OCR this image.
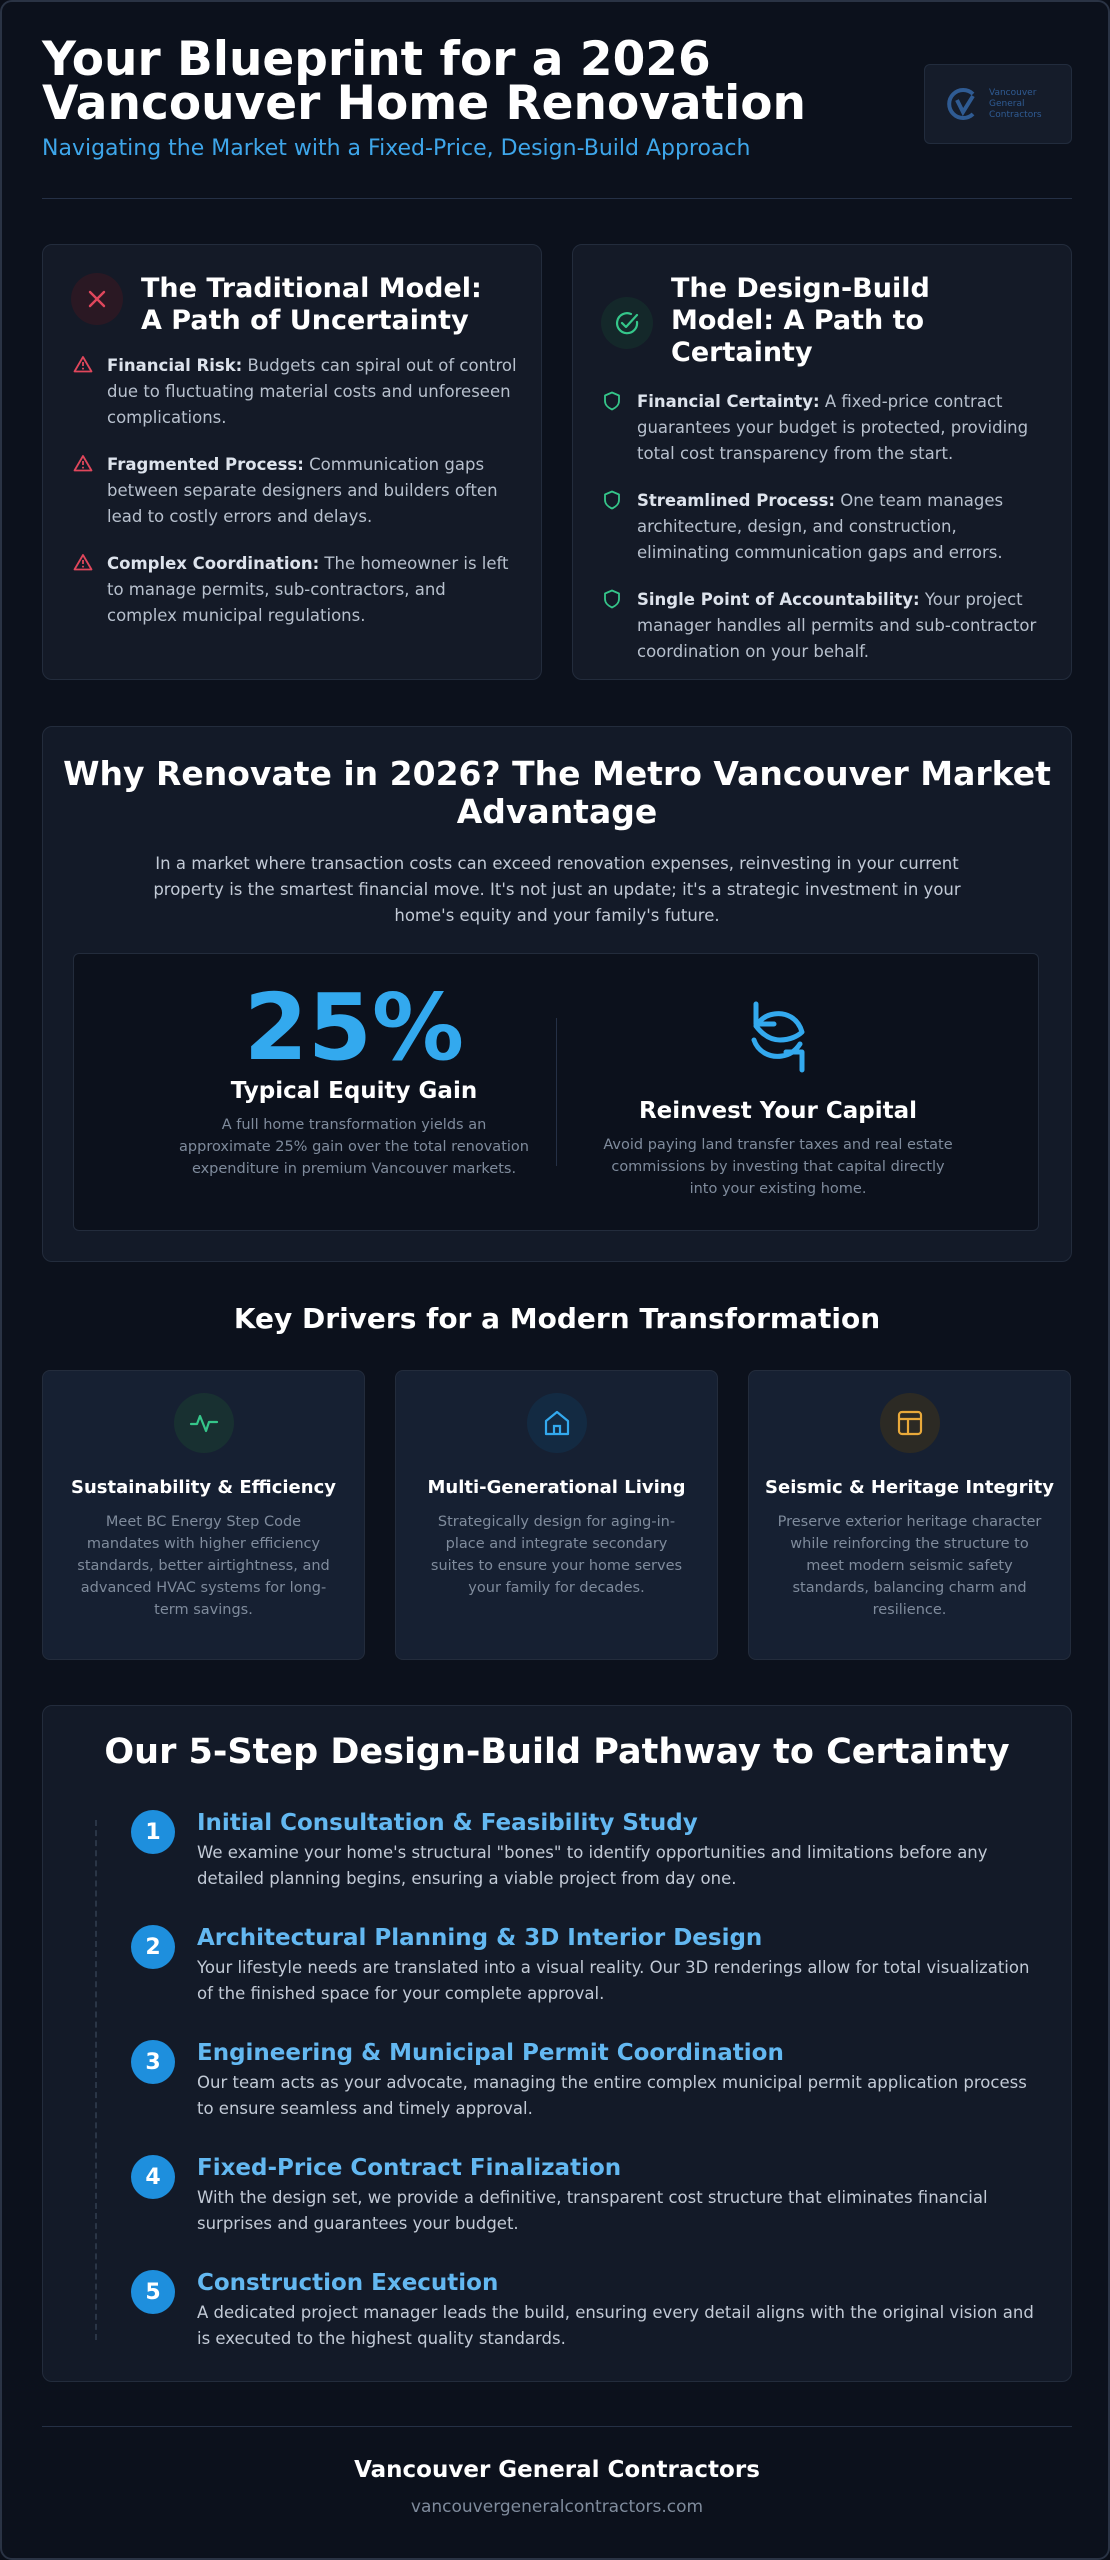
Your Blueprint for a 2026 Vancouver Home Renovation
Navigating the Market with a Fixed-Price, Design-Build Approach
Vancouver
General
Contractors
The Traditional Model: A Path of Uncertainty
Financial Risk: Budgets can spiral out of control due to fluctuating material costs and unforeseen complications.
Fragmented Process: Communication gaps between separate designers and builders often lead to costly errors and delays.
Complex Coordination: The homeowner is left to manage permits, sub-contractors, and complex municipal regulations.
The Design-Build Model: A Path to Certainty
Financial Certainty: A fixed-price contract guarantees your budget is protected, providing total cost transparency from the start.
Streamlined Process: One team manages architecture, design, and construction, eliminating communication gaps and errors.
Single Point of Accountability: Your project manager handles all permits and sub-contractor coordination on your behalf.
Why Renovate in 2026? The Metro Vancouver Market Advantage
In a market where transaction costs can exceed renovation expenses, reinvesting in your current property is the smartest financial move. It's not just an update; it's a strategic investment in your home's equity and your family's future.
25%
Typical Equity Gain
A full home transformation yields an approximate 25% gain over the total renovation expenditure in premium Vancouver markets.
Reinvest Your Capital
Avoid paying land transfer taxes and real estate commissions by investing that capital directly into your existing home.
Key Drivers for a Modern Transformation
Sustainability & Efficiency
Meet BC Energy Step Code mandates with higher efficiency standards, better airtightness, and advanced HVAC systems for long-term savings.
Multi-Generational Living
Strategically design for aging-in-place and integrate secondary suites to ensure your home serves your family for decades.
Seismic & Heritage Integrity
Preserve exterior heritage character while reinforcing the structure to meet modern seismic safety standards, balancing charm and resilience.
Our 5-Step Design-Build Pathway to Certainty
1	Initial Consultation & Feasibility Study
We examine your home's structural "bones" to identify opportunities and limitations before any detailed planning begins, ensuring a viable project from day one.
2	Architectural Planning & 3D Interior Design
Your lifestyle needs are translated into a visual reality. Our 3D renderings allow for total visualization of the finished space for your complete approval.
3	Engineering & Municipal Permit Coordination
Our team acts as your advocate, managing the entire complex municipal permit application process to ensure seamless and timely approval.
4	Fixed-Price Contract Finalization
With the design set, we provide a definitive, transparent cost structure that eliminates financial surprises and guarantees your budget.
5	Construction Execution
A dedicated project manager leads the build, ensuring every detail aligns with the original vision and is executed to the highest quality standards.
Vancouver General Contractors
vancouvergeneralcontractors.com
